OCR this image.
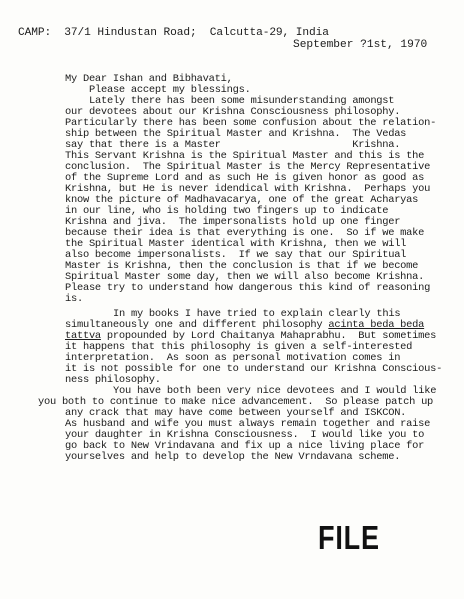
CAMP:  37/1 Hindustan Road;  Calcutta-29, India
September ?1st, 1970
My Dear Ishan and Bibhavati,
Please accept my blessings.
Lately there has been some misunderstanding amongst
our devotees about our Krishna Consciousness philosophy.
Particularly there has been some confusion about the relation-
ship between the Spiritual Master and Krishna.  The Vedas
say that there is a Master                      Krishna.
This Servant Krishna is the Spiritual Master and this is the
conclusion.  The Spiritual Master is the Mercy Representative
of the Supreme Lord and as such He is given honor as good as
Krishna, but He is never idendical with Krishna.  Perhaps you
know the picture of Madhavacarya, one of the great Acharyas
in our line, who is holding two fingers up to indicate
Krishna and jiva.  The impersonalists hold up one finger
because their idea is that everything is one.  So if we make
the Spiritual Master identical with Krishna, then we will
also become impersonalists.  If we say that our Spiritual
Master is Krishna, then the conclusion is that if we become
Spiritual Master some day, then we will also become Krishna.
Please try to understand how dangerous this kind of reasoning
is.
In my books I have tried to explain clearly this
simultaneously one and different philosophy acinta beda beda
tattva propounded by Lord Chaitanya Mahaprabhu.  But sometimes
it happens that this philosophy is given a self-interested
interpretation.  As soon as personal motivation comes in
it is not possible for one to understand our Krishna Conscious-
ness philosophy.
You have both been very nice devotees and I would like
you both to continue to make nice advancement.  So please patch up
any crack that may have come between yourself and ISKCON.
As husband and wife you must always remain together and raise
your daughter in Krishna Consciousness.  I would like you to
go back to New Vrindavana and fix up a nice living place for
yourselves and help to develop the New Vrndavana scheme.
FILE
